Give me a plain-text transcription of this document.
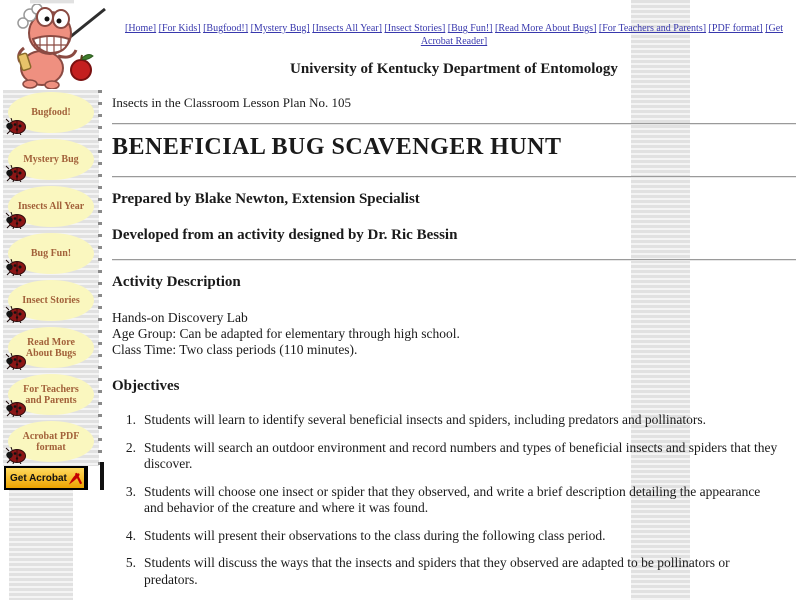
Bugfood!
Mystery Bug
Insects All Year
Bug Fun!
Insect Stories
Read More About Bugs
For Teachers and Parents
Acrobat PDF format
Get Acrobat
[Home] [For Kids] [Bugfood!] [Mystery Bug] [Insects All Year] [Insect Stories] [Bug Fun!] [Read More About Bugs] [For Teachers and Parents] [PDF format] [Get Acrobat Reader]
University of Kentucky Department of Entomology
Insects in the Classroom Lesson Plan No. 105
BENEFICIAL BUG SCAVENGER HUNT

Prepared by Blake Newton, Extension Specialist

Developed from an activity designed by Dr. Ric Bessin

Activity Description
Hands-on Discovery Lab
Age Group: Can be adapted for elementary through high school.
Class Time: Two class periods (110 minutes).
Objectives
1. Students will learn to identify several beneficial insects and spiders, including predators and pollinators.
2. Students will search an outdoor environment and record numbers and types of beneficial insects and spiders that they discover.
3. Students will choose one insect or spider that they observed, and write a brief description detailing the appearance and behavior of the creature and where it was found.
4. Students will present their observations to the class during the following class period.
5. Students will discuss the ways that the insects and spiders that they observed are adapted to be pollinators or predators.
